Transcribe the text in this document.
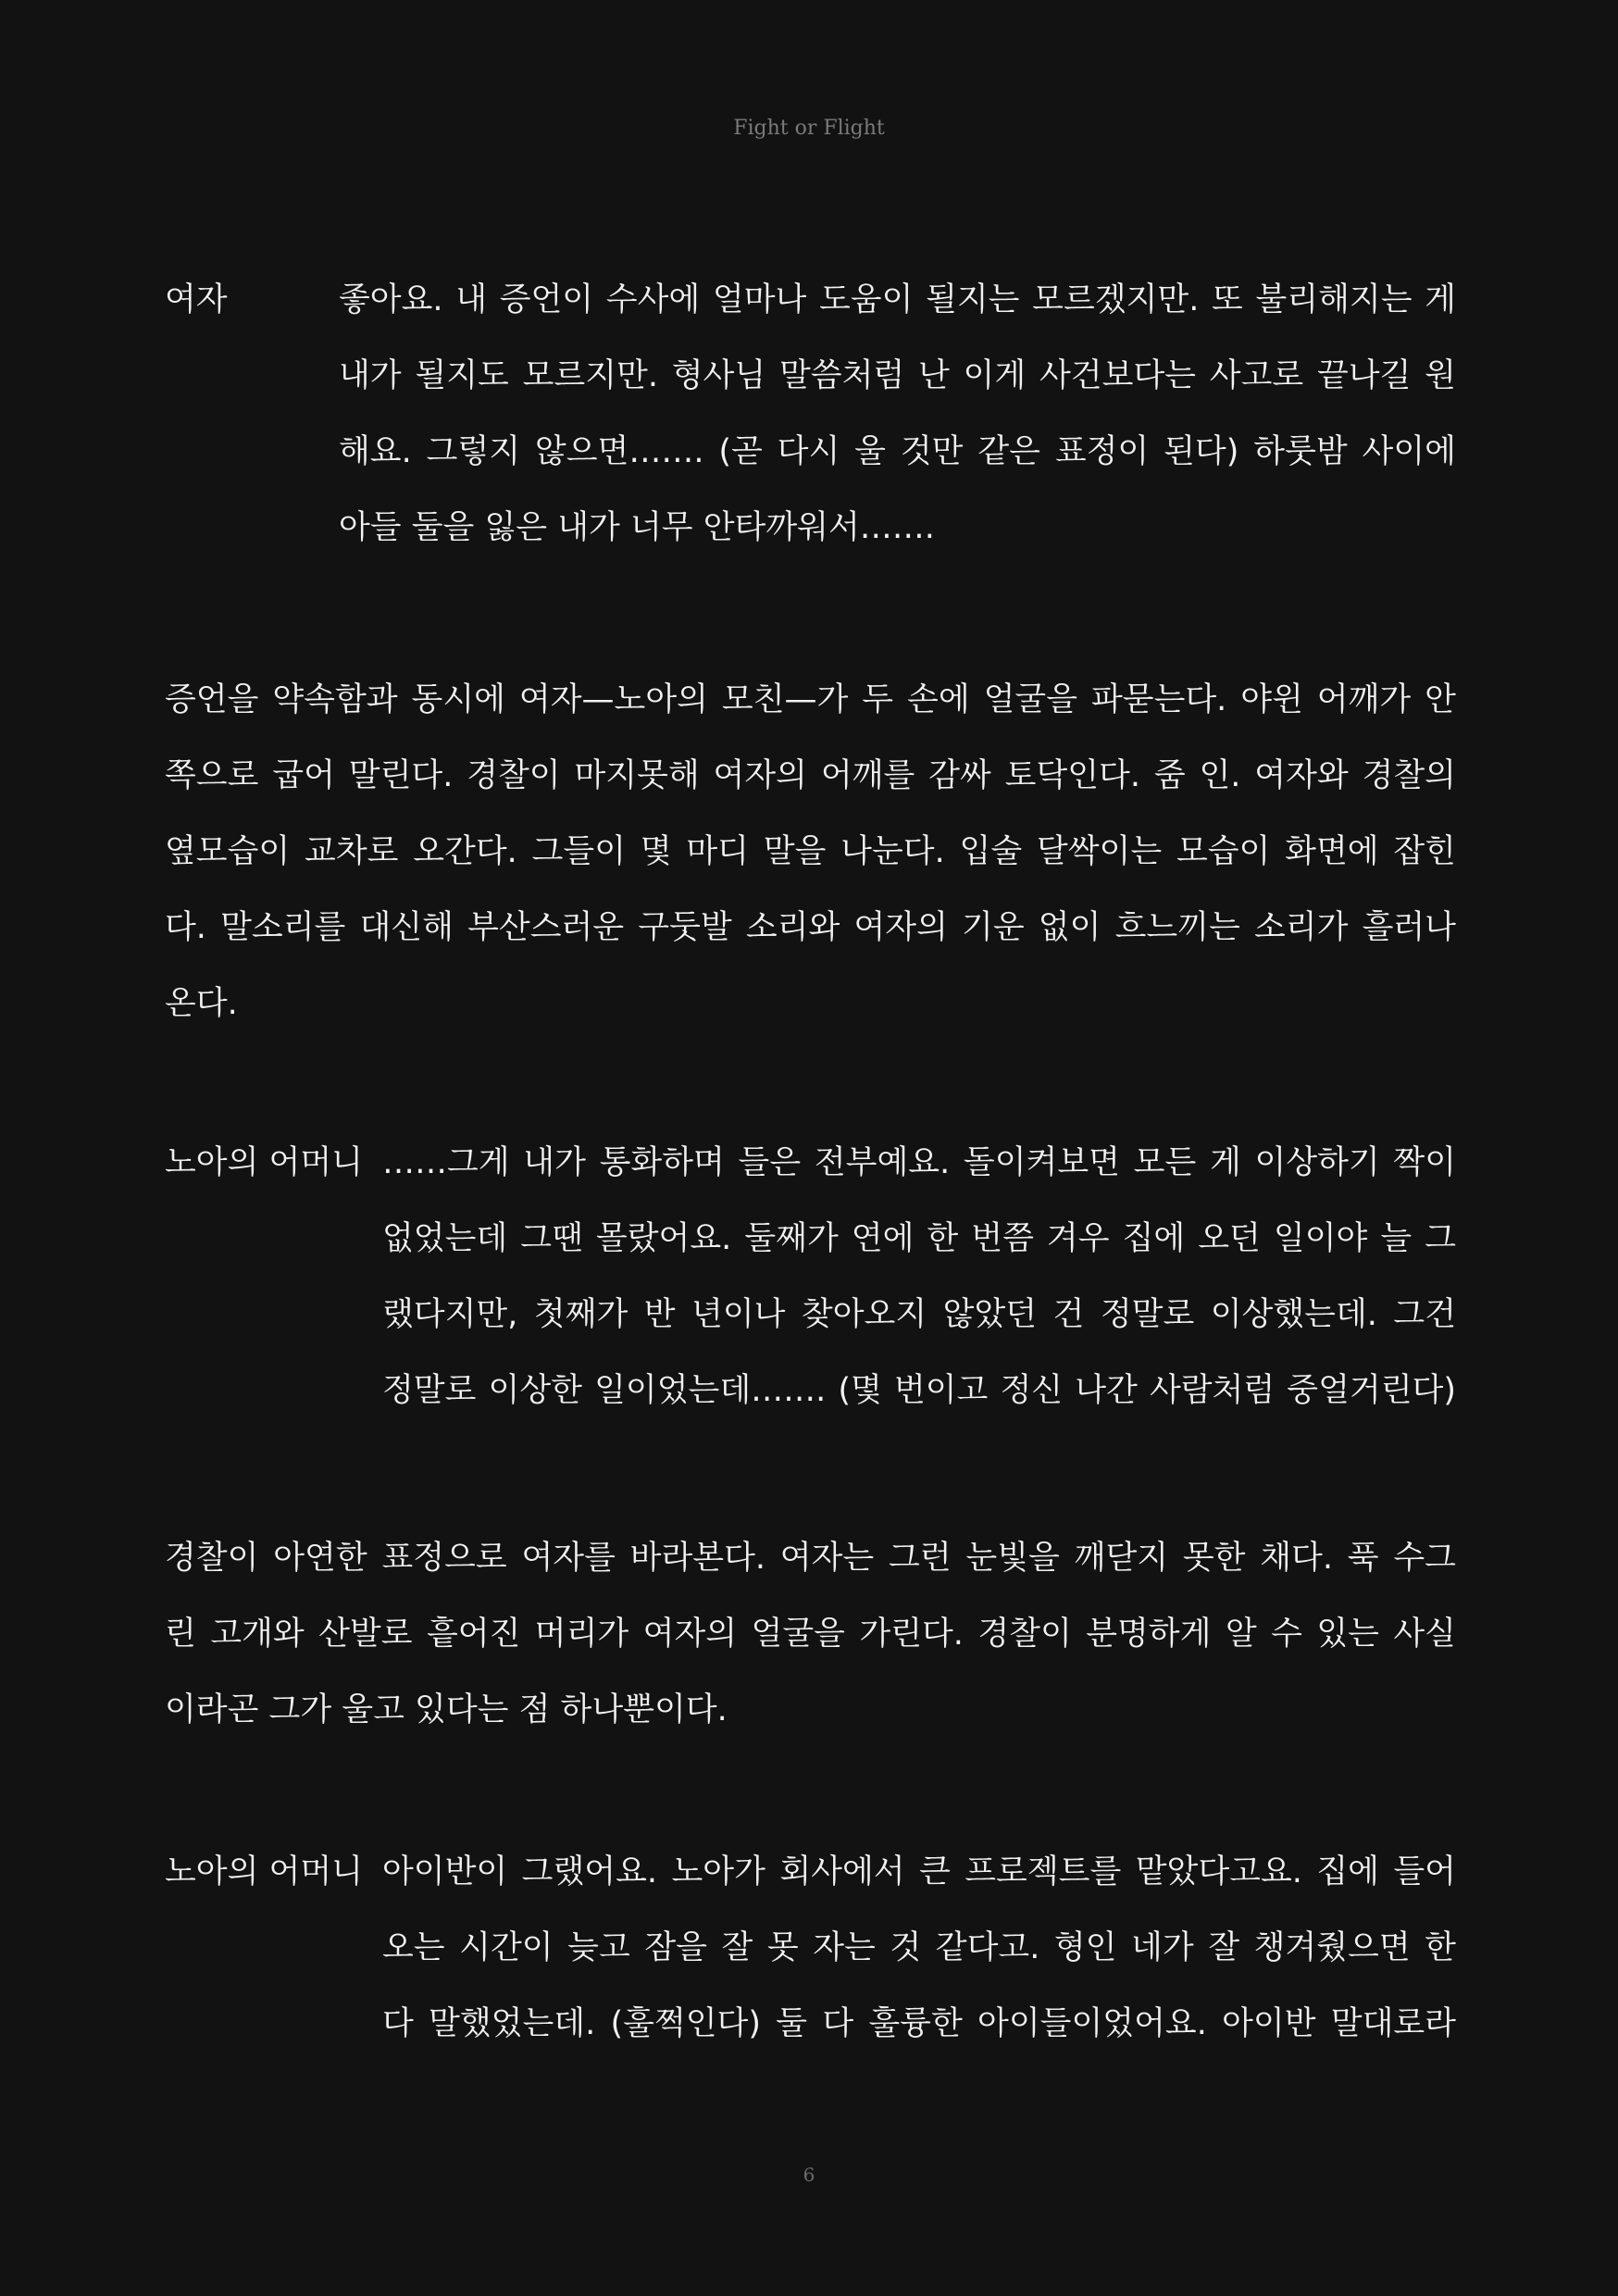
Fight or Flight
여자	좋아요. 내 증언이 수사에 얼마나 도움이 될지는 모르겠지만. 또 불리해지는 게
내가 될지도 모르지만. 형사님 말씀처럼 난 이게 사건보다는 사고로 끝나길 원
해요. 그렇지 않으면……. (곧 다시 울 것만 같은 표정이 된다) 하룻밤 사이에
아들 둘을 잃은 내가 너무 안타까워서…….
증언을 약속함과 동시에 여자—노아의 모친—가 두 손에 얼굴을 파묻는다. 야윈 어깨가 안
쪽으로 굽어 말린다. 경찰이 마지못해 여자의 어깨를 감싸 토닥인다. 줌 인. 여자와 경찰의
옆모습이 교차로 오간다. 그들이 몇 마디 말을 나눈다. 입술 달싹이는 모습이 화면에 잡힌
다. 말소리를 대신해 부산스러운 구둣발 소리와 여자의 기운 없이 흐느끼는 소리가 흘러나
온다.
노아의 어머니 ……그게 내가 통화하며 들은 전부예요. 돌이켜보면 모든 게 이상하기 짝이
없었는데 그땐 몰랐어요. 둘째가 연에 한 번쯤 겨우 집에 오던 일이야 늘 그
랬다지만, 첫째가 반 년이나 찾아오지 않았던 건 정말로 이상했는데. 그건
정말로 이상한 일이었는데……. (몇 번이고 정신 나간 사람처럼 중얼거린다)
경찰이 아연한 표정으로 여자를 바라본다. 여자는 그런 눈빛을 깨닫지 못한 채다. 푹 수그
린 고개와 산발로 흩어진 머리가 여자의 얼굴을 가린다. 경찰이 분명하게 알 수 있는 사실
이라곤 그가 울고 있다는 점 하나뿐이다.
노아의 어머니 아이반이 그랬어요. 노아가 회사에서 큰 프로젝트를 맡았다고요. 집에 들어
오는 시간이 늦고 잠을 잘 못 자는 것 같다고. 형인 네가 잘 챙겨줬으면 한
다 말했었는데. (훌쩍인다) 둘 다 훌륭한 아이들이었어요. 아이반 말대로라
6
